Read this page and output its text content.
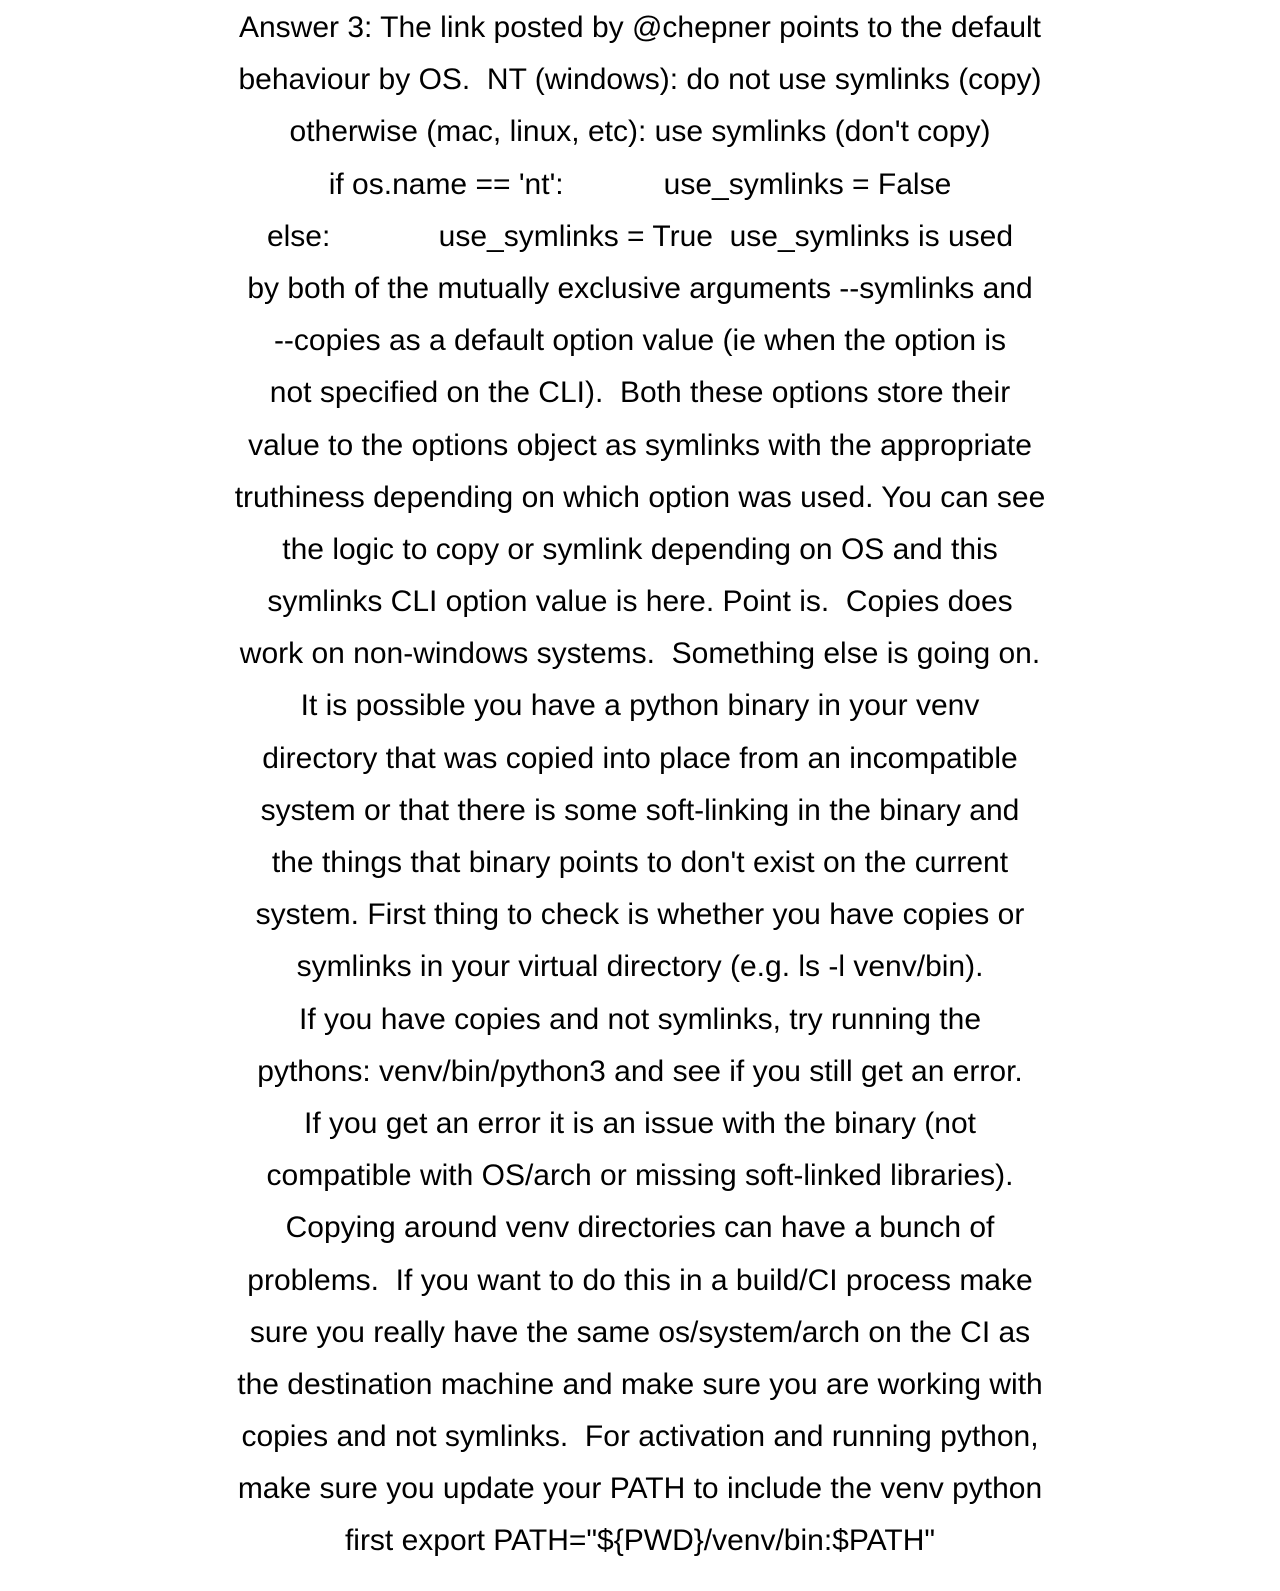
Answer 3: The link posted by @chepner points to the default
behaviour by OS.  NT (windows): do not use symlinks (copy)
otherwise (mac, linux, etc): use symlinks (don't copy)
if os.name == 'nt':            use_symlinks = False
else:             use_symlinks = True  use_symlinks is used
by both of the mutually exclusive arguments --symlinks and
--copies as a default option value (ie when the option is
not specified on the CLI).  Both these options store their
value to the options object as symlinks with the appropriate
truthiness depending on which option was used. You can see
the logic to copy or symlink depending on OS and this
symlinks CLI option value is here. Point is.  Copies does
work on non-windows systems.  Something else is going on.
It is possible you have a python binary in your venv
directory that was copied into place from an incompatible
system or that there is some soft-linking in the binary and
the things that binary points to don't exist on the current
system. First thing to check is whether you have copies or
symlinks in your virtual directory (e.g. ls -l venv/bin).
If you have copies and not symlinks, try running the
pythons: venv/bin/python3 and see if you still get an error.
If you get an error it is an issue with the binary (not
compatible with OS/arch or missing soft-linked libraries).
Copying around venv directories can have a bunch of
problems.  If you want to do this in a build/CI process make
sure you really have the same os/system/arch on the CI as
the destination machine and make sure you are working with
copies and not symlinks.  For activation and running python,
make sure you update your PATH to include the venv python
first export PATH="${PWD}/venv/bin:$PATH"
